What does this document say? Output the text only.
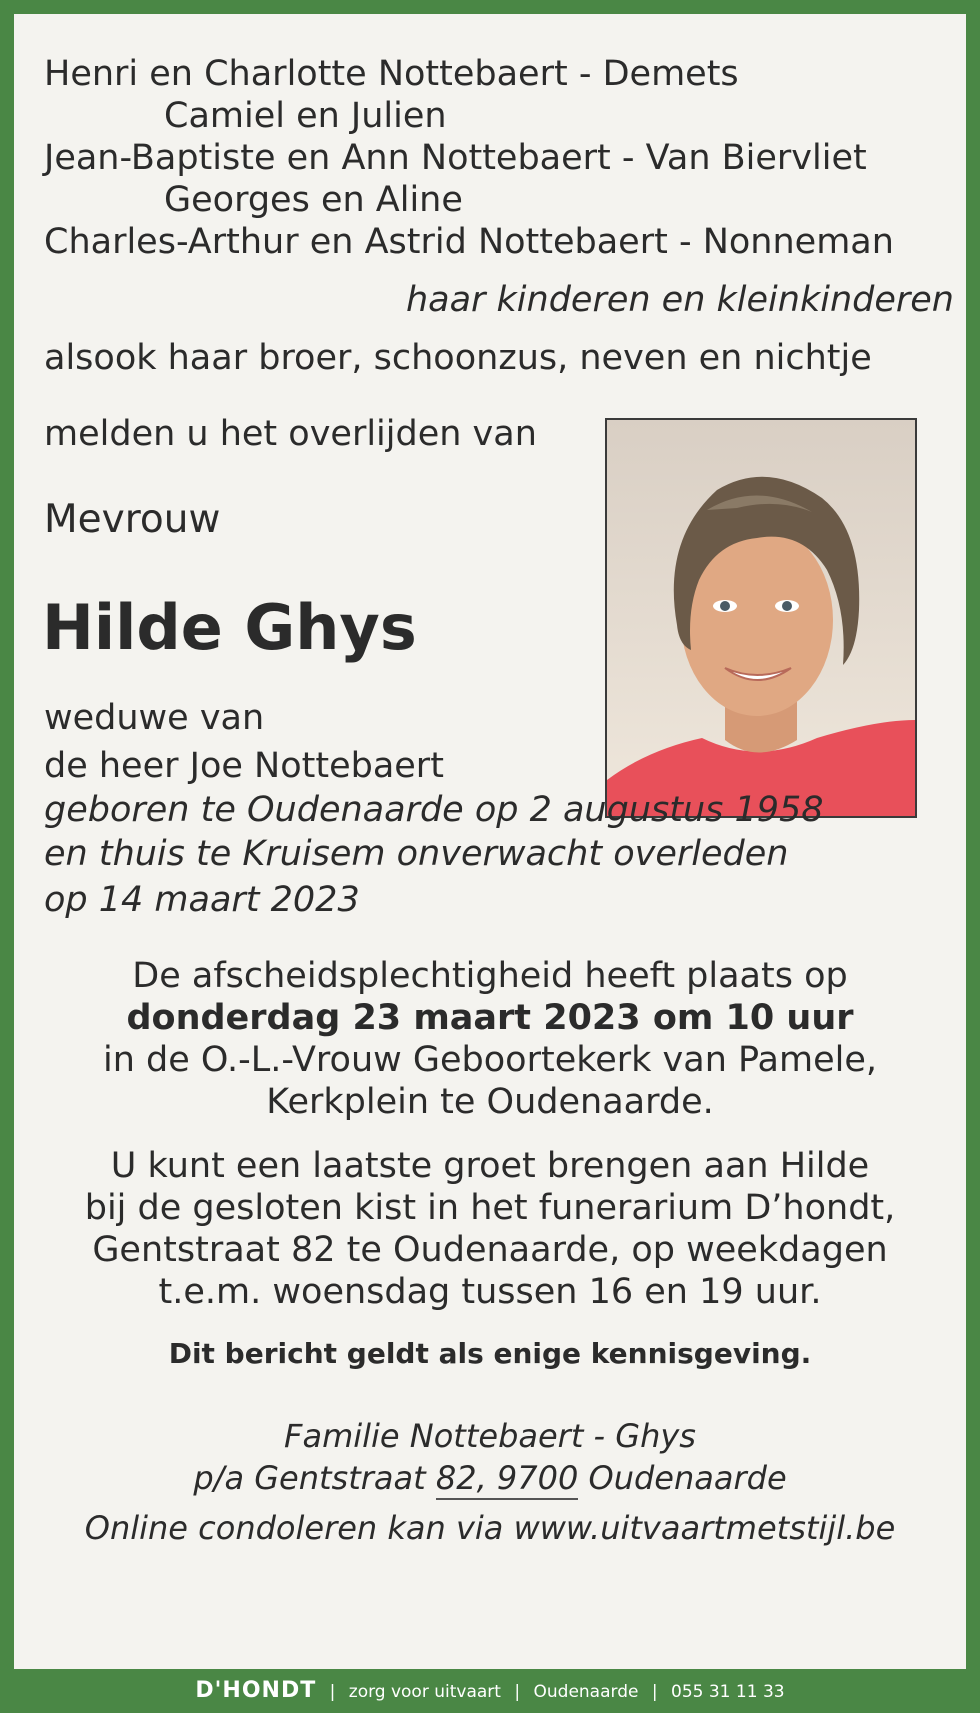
Henri en Charlotte Nottebaert - Demets
Camiel en Julien
Jean-Baptiste en Ann Nottebaert - Van Biervliet
Georges en Aline
Charles-Arthur en Astrid Nottebaert - Nonneman
haar kinderen en kleinkinderen
alsook haar broer, schoonzus, neven en nichtje
melden u het overlijden van
Mevrouw
Hilde Ghys
weduwe van
de heer Joe Nottebaert
geboren te Oudenaarde op 2 augustus 1958
en thuis te Kruisem onverwacht overleden
op 14 maart 2023
De afscheidsplechtigheid heeft plaats op
donderdag 23 maart 2023 om 10 uur
in de O.-L.-Vrouw Geboortekerk van Pamele,
Kerkplein te Oudenaarde.
U kunt een laatste groet brengen aan Hilde
bij de gesloten kist in het funerarium D’hondt,
Gentstraat 82 te Oudenaarde, op weekdagen
t.e.m. woensdag tussen 16 en 19 uur.
Dit bericht geldt als enige kennisgeving.
Familie Nottebaert - Ghys
p/a Gentstraat 82, 9700 Oudenaarde
Online condoleren kan via www.uitvaartmetstijl.be
D'HONDT | zorg voor uitvaart | Oudenaarde | 055 31 11 33
